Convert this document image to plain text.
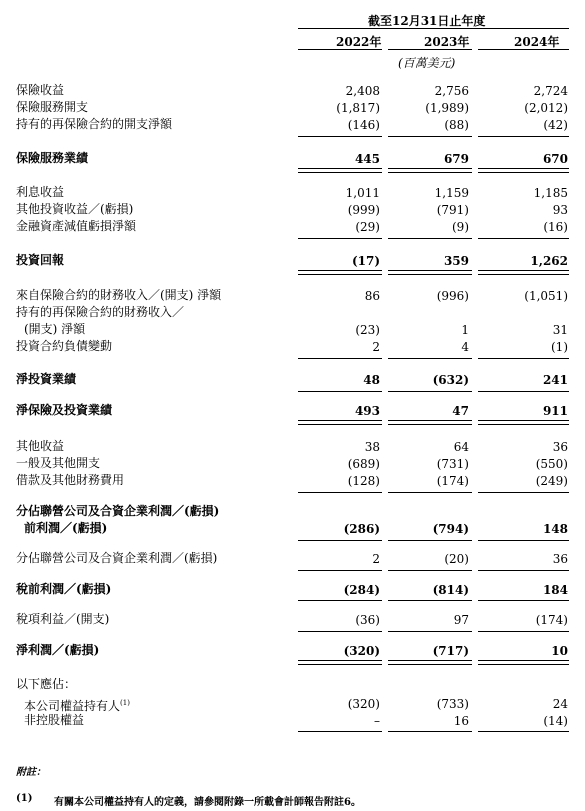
截至12月31日止年度
2022年	2023年	2024年
(百萬美元)
保險收益	2,408	2,756	2,724
保險服務開支	(1,817)	(1,989)	(2,012)
持有的再保險合約的開支淨額	(146)	(88)	(42)
保險服務業績	445	679	670
利息收益	1,011	1,159	1,185
其他投資收益／(虧損)	(999)	(791)	93
金融資產減值虧損淨額	(29)	(9)	(16)
投資回報	(17)	359	1,262
來自保險合約的財務收入／(開支) 淨額	86	(996)	(1,051)
持有的再保險合約的財務收入／
(開支) 淨額	(23)	1	31
投資合約負債變動	2	4	(1)
淨投資業績	48	(632)	241
淨保險及投資業績	493	47	911
其他收益	38	64	36
一般及其他開支	(689)	(731)	(550)
借款及其他財務費用	(128)	(174)	(249)
分佔聯營公司及合資企業利潤／(虧損)
前利潤／(虧損)	(286)	(794)	148
分佔聯營公司及合資企業利潤／(虧損)	2	(20)	36
稅前利潤／(虧損)	(284)	(814)	184
稅項利益／(開支)	(36)	97	(174)
淨利潤／(虧損)	(320)	(717)	10
以下應佔：
本公司權益持有人$^{(1)}$	(320)	(733)	24
非控股權益	–	16	(14)
附註：
(1) 有關本公司權益持有人的定義，請參閱附錄一所載會計師報告附註6。
